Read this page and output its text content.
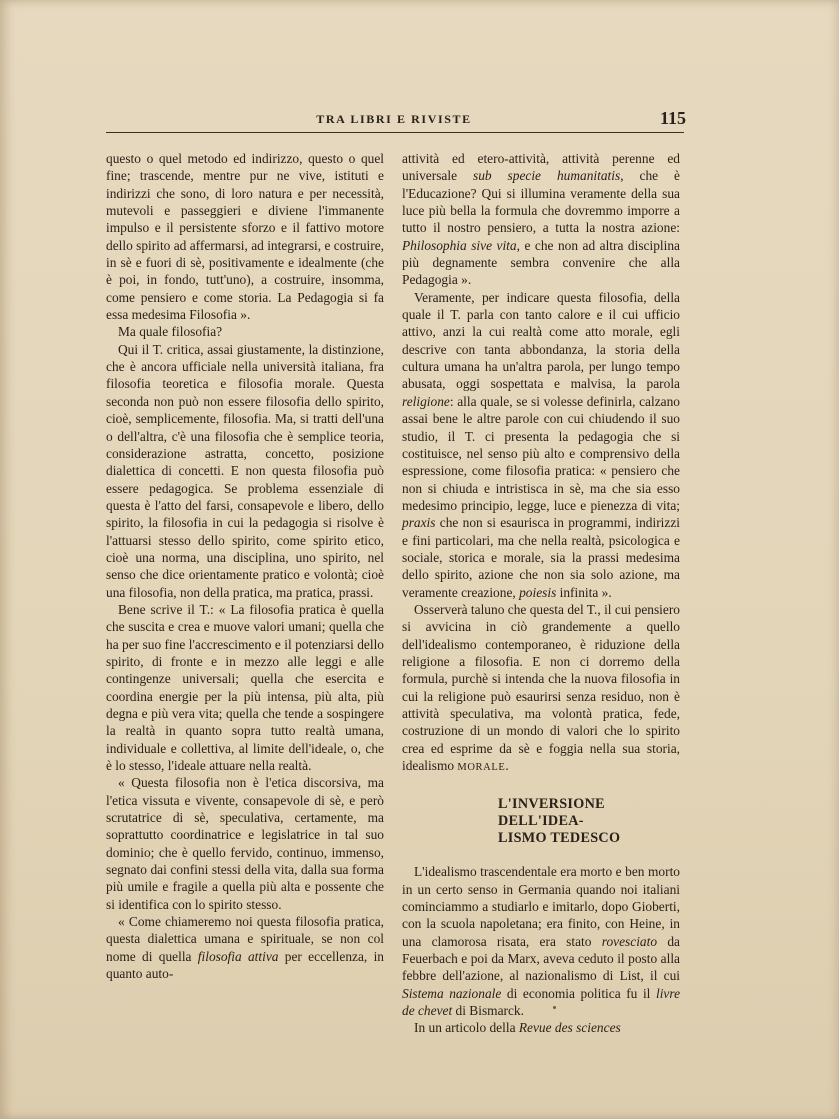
TRA LIBRI E RIVISTE	115

questo o quel metodo ed indirizzo, questo o quel fine; trascende, mentre pur ne vive, istituti e indirizzi che sono, di loro natura e per necessità, mutevoli e passeggieri e diviene l'immanente impulso e il persistente sforzo e il fattivo motore dello spirito ad affermarsi, ad integrarsi, e costruire, in sè e fuori di sè, positivamente e idealmente (che è poi, in fondo, tutt'uno), a costruire, insomma, come pensiero e come storia. La Pedagogia si fa essa medesima Filosofia ».

Ma quale filosofia?

Qui il T. critica, assai giustamente, la distinzione, che è ancora ufficiale nella università italiana, fra filosofia teoretica e filosofia morale. Questa seconda non può non essere filosofia dello spirito, cioè, semplicemente, filosofia. Ma, si tratti dell'una o dell'altra, c'è una filosofia che è semplice teoria, considerazione astratta, concetto, posizione dialettica di concetti. E non questa filosofia può essere pedagogica. Se problema essenziale di questa è l'atto del farsi, consapevole e libero, dello spirito, la filosofia in cui la pedagogia si risolve è l'attuarsi stesso dello spirito, come spirito etico, cioè una norma, una disciplina, uno spirito, nel senso che dice orientamente pratico e volontà; cioè una filosofia, non della pratica, ma pratica, prassi.

Bene scrive il T.: « La filosofia pratica è quella che suscita e crea e muove valori umani; quella che ha per suo fine l'accrescimento e il potenziarsi dello spirito, di fronte e in mezzo alle leggi e alle contingenze universali; quella che esercita e coordina energie per la più intensa, più alta, più degna e più vera vita; quella che tende a sospingere la realtà in quanto sopra tutto realtà umana, individuale e collettiva, al limite dell'ideale, o, che è lo stesso, l'ideale attuare nella realtà.

« Questa filosofia non è l'etica discorsiva, ma l'etica vissuta e vivente, consapevole di sè, e però scrutatrice di sè, speculativa, certamente, ma soprattutto coordinatrice e legislatrice in tal suo dominio; che è quello fervido, continuo, immenso, segnato dai confini stessi della vita, dalla sua forma più umile e fragile a quella più alta e possente che si identifica con lo spirito stesso.

« Come chiameremo noi questa filosofia pratica, questa dialettica umana e spirituale, se non col nome di quella filosofia attiva per eccellenza, in quanto auto-

attività ed etero-attività, attività perenne ed universale sub specie humanitatis, che è l'Educazione? Qui si illumina veramente della sua luce più bella la formula che dovremmo imporre a tutto il nostro pensiero, a tutta la nostra azione: Philosophia sive vita, e che non ad altra disciplina più degnamente sembra convenire che alla Pedagogia ».

Veramente, per indicare questa filosofia, della quale il T. parla con tanto calore e il cui ufficio attivo, anzi la cui realtà come atto morale, egli descrive con tanta abbondanza, la storia della cultura umana ha un'altra parola, per lungo tempo abusata, oggi sospettata e malvisa, la parola religione: alla quale, se si volesse definirla, calzano assai bene le altre parole con cui chiudendo il suo studio, il T. ci presenta la pedagogia che si costituisce, nel senso più alto e comprensivo della espressione, come filosofia pratica: « pensiero che non si chiuda e intristisca in sè, ma che sia esso medesimo principio, legge, luce e pienezza di vita; praxis che non si esaurisca in programmi, indirizzi e fini particolari, ma che nella realtà, psicologica e sociale, storica e morale, sia la prassi medesima dello spirito, azione che non sia solo azione, ma veramente creazione, poiesis infinita ».

Osserverà taluno che questa del T., il cui pensiero si avvicina in ciò grandemente a quello dell'idealismo contemporaneo, è riduzione della religione a filosofia. E non ci dorremo della formula, purchè si intenda che la nuova filosofia in cui la religione può esaurirsi senza residuo, non è attività speculativa, ma volontà pratica, fede, costruzione di un mondo di valori che lo spirito crea ed esprime da sè e foggia nella sua storia, idealismo MORALE.

L'INVERSIONE DELL'IDEA-
LISMO TEDESCO

L'idealismo trascendentale era morto e ben morto in un certo senso in Germania quando noi italiani cominciammo a studiarlo e imitarlo, dopo Gioberti, con la scuola napoletana; era finito, con Heine, in una clamorosa risata, era stato rovesciato da Feuerbach e poi da Marx, aveva ceduto il posto alla febbre dell'azione, al nazionalismo di List, il cui Sistema nazionale di economia politica fu il livre de chevet di Bismarck.

In un articolo della Revue des sciences
